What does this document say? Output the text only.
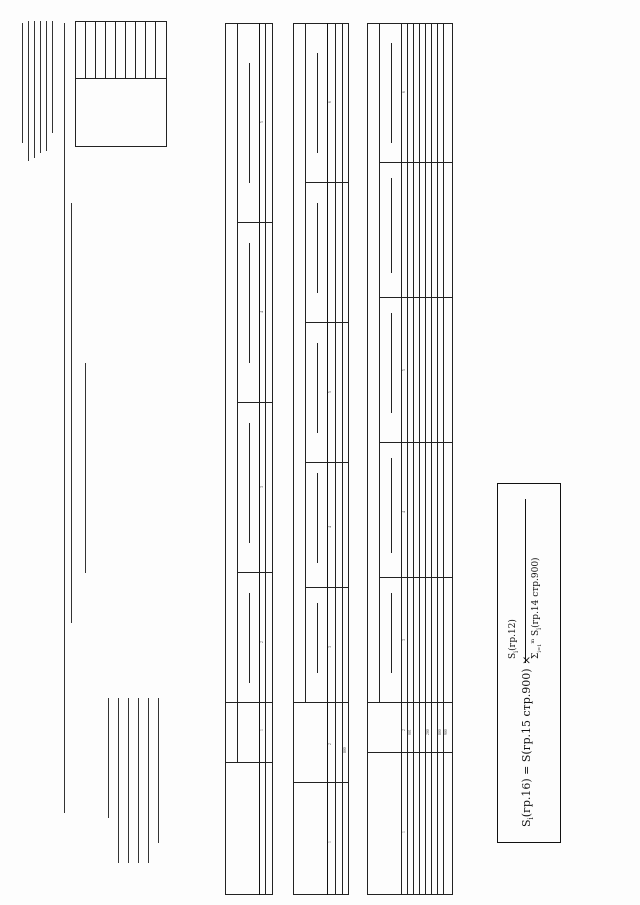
1
2
3
4
5
1
2
3
4
5
6
800
1
2
3
4
5
6
001	200 800 900
$S_i(гр.16) = S(гр.15$ стр.900) ×
$S_i(гр.12)$
$\Sigma_{i=1}^m$ $S_i(гр.14$ стр.900)
